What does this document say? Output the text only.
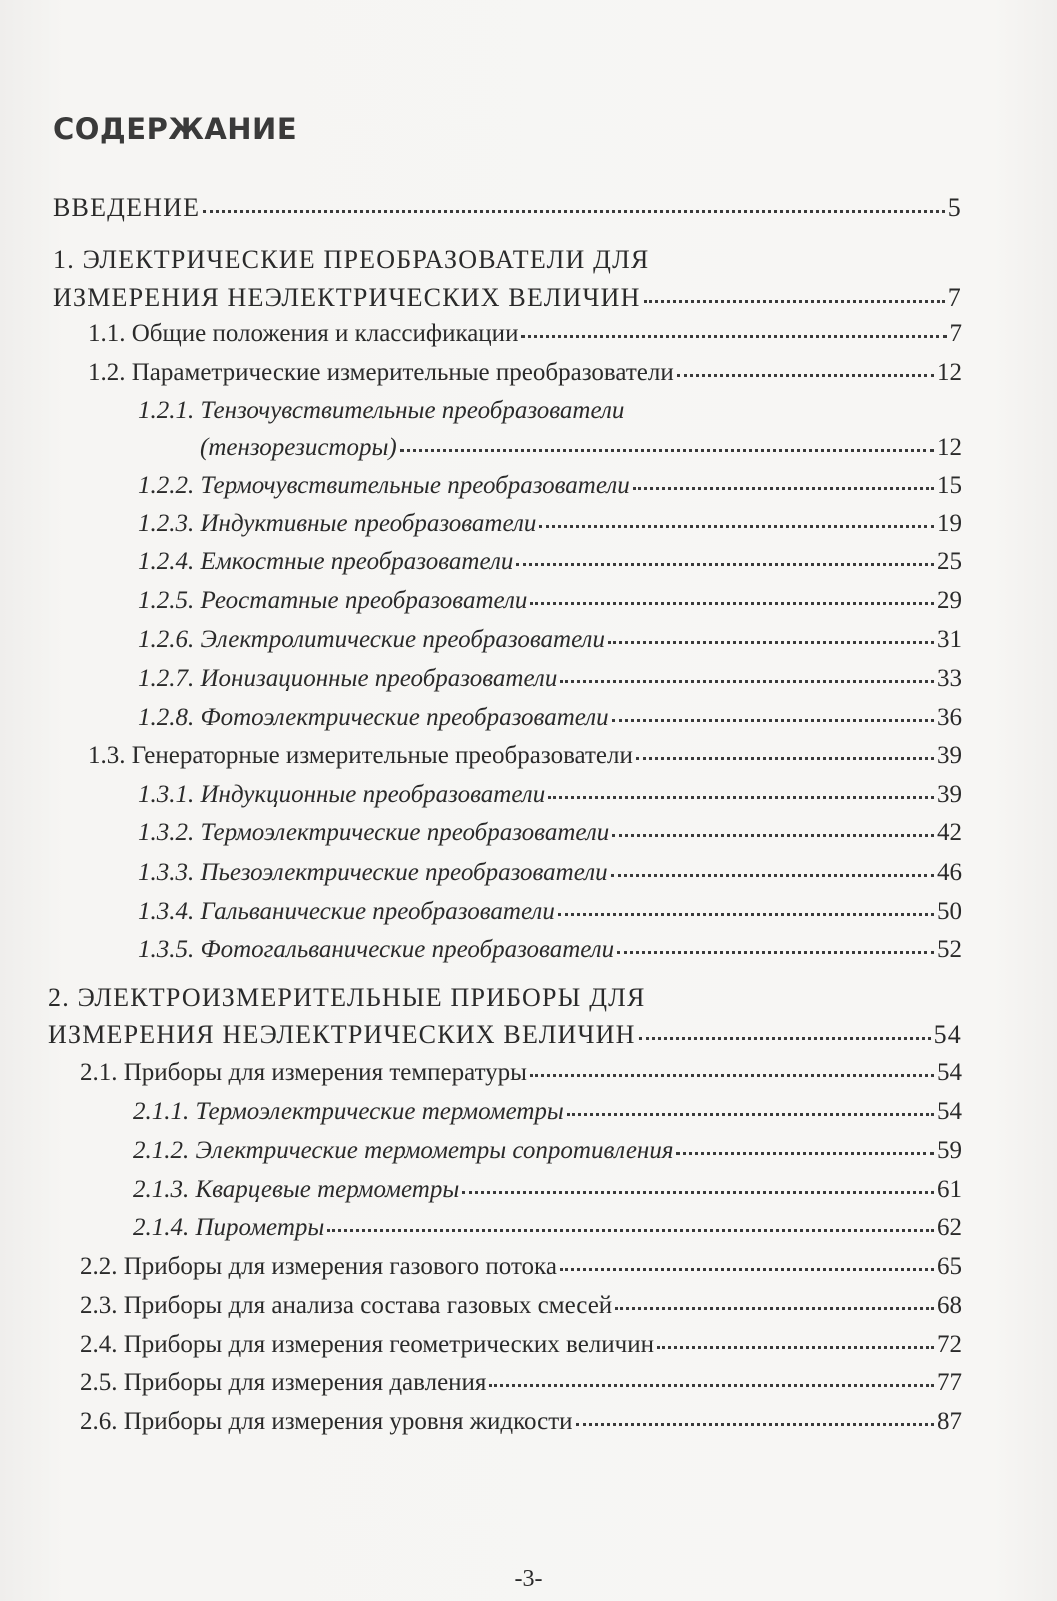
СОДЕРЖАНИЕ
ВВЕДЕНИЕ	5
1. ЭЛЕКТРИЧЕСКИЕ ПРЕОБРАЗОВАТЕЛИ ДЛЯ
ИЗМЕРЕНИЯ НЕЭЛЕКТРИЧЕСКИХ ВЕЛИЧИН	7
1.1. Общие положения и классификации	7
1.2. Параметрические измерительные преобразователи	12
1.2.1. Тензочувствительные преобразователи
(тензорезисторы)	12
1.2.2. Термочувствительные преобразователи	15
1.2.3. Индуктивные преобразователи	19
1.2.4. Емкостные преобразователи	25
1.2.5. Реостатные преобразователи	29
1.2.6. Электролитические преобразователи	31
1.2.7. Ионизационные преобразователи	33
1.2.8. Фотоэлектрические преобразователи	36
1.3. Генераторные измерительные преобразователи	39
1.3.1. Индукционные преобразователи	39
1.3.2. Термоэлектрические преобразователи	42
1.3.3. Пьезоэлектрические преобразователи	46
1.3.4. Гальванические преобразователи	50
1.3.5. Фотогальванические преобразователи	52
2. ЭЛЕКТРОИЗМЕРИТЕЛЬНЫЕ ПРИБОРЫ ДЛЯ
ИЗМЕРЕНИЯ НЕЭЛЕКТРИЧЕСКИХ ВЕЛИЧИН	54
2.1. Приборы для измерения температуры	54
2.1.1. Термоэлектрические термометры	54
2.1.2. Электрические термометры сопротивления	59
2.1.3. Кварцевые термометры	61
2.1.4. Пирометры	62
2.2. Приборы для измерения газового потока	65
2.3. Приборы для анализа состава газовых смесей	68
2.4. Приборы для измерения геометрических величин	72
2.5. Приборы для измерения давления	77
2.6. Приборы для измерения уровня жидкости	87
-3-
